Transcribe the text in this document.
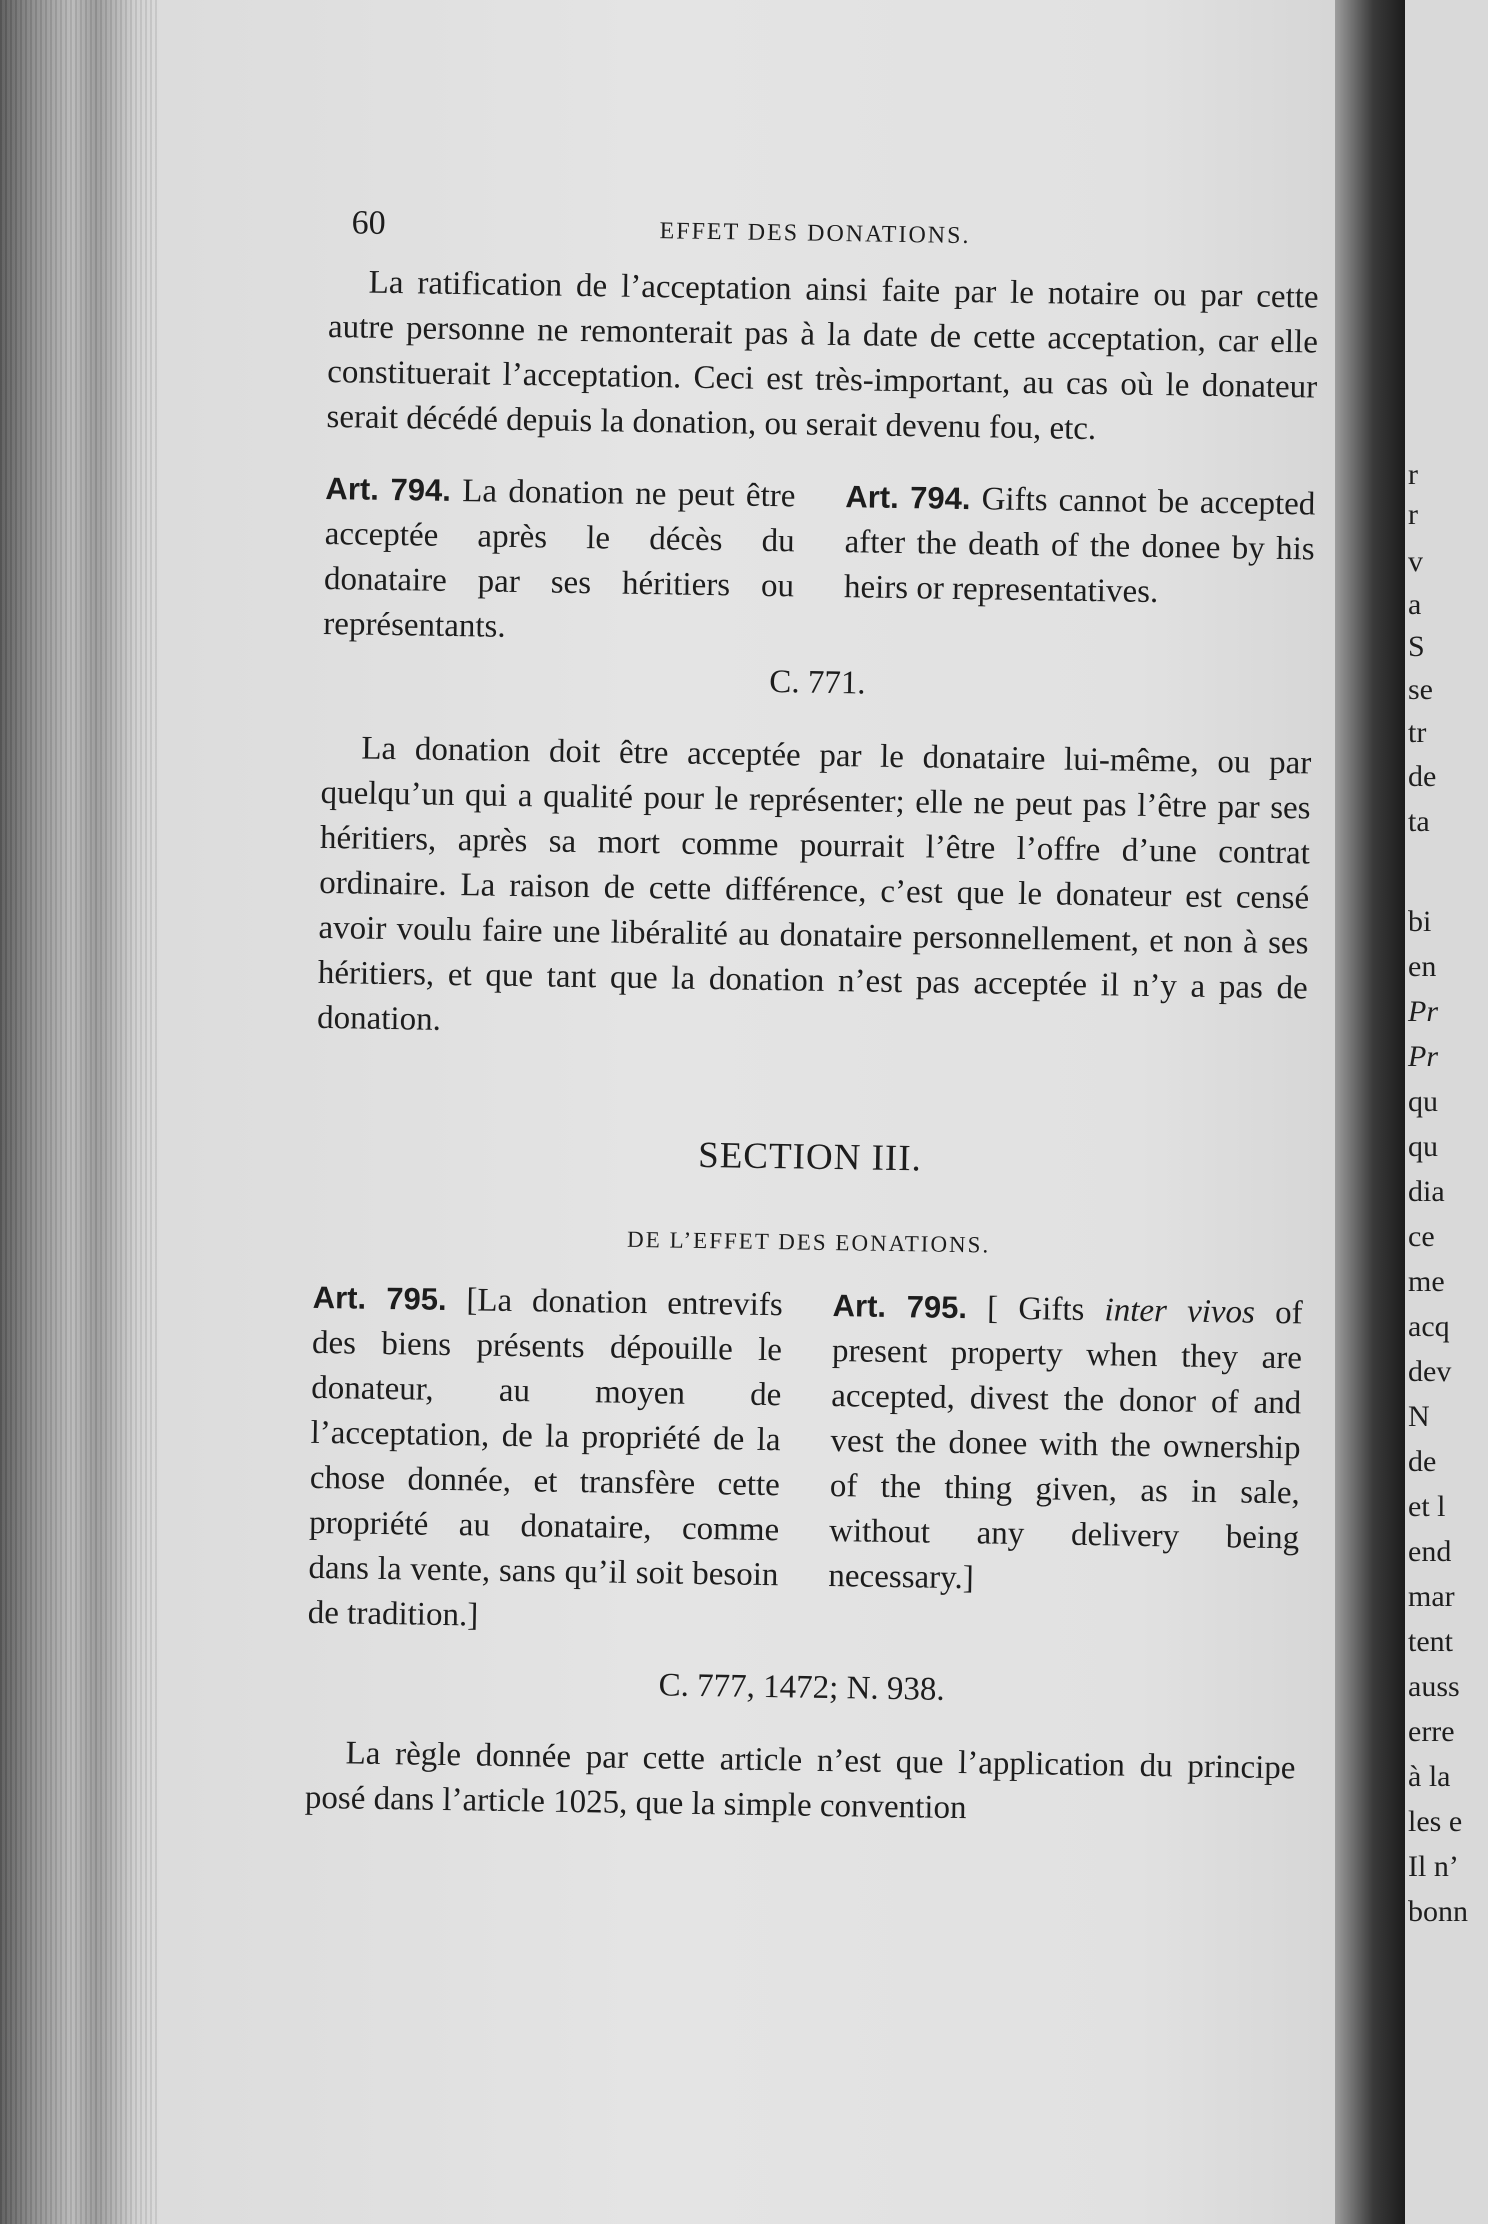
r
r
v
a
S
se
tr
de
ta
bi
en
Pr
Pr
qu
qu
dia
ce
me
acq
dev
N
de
et l
end
mar
tent
auss
erre
à la
les e
Il n’
bonn
60	EFFET DES DONATIONS.

La ratification de l’acceptation ainsi faite par le notaire ou par cette autre personne ne remonterait pas à la date de cette acceptation, car elle constituerait l’acceptation. Ceci est très-important, au cas où le donateur serait décédé depuis la donation, ou serait devenu fou, etc.

Art. 794. La donation ne peut être acceptée après le décès du donataire par ses héritiers ou représentants.
Art. 794. Gifts cannot be accepted after the death of the donee by his heirs or representatives.
C. 771.

La donation doit être acceptée par le donataire lui-même, ou par quelqu’un qui a qualité pour le représenter; elle ne peut pas l’être par ses héritiers, après sa mort comme pourrait l’être l’offre d’une contrat ordinaire. La raison de cette différence, c’est que le donateur est censé avoir voulu faire une libéralité au donataire personnellement, et non à ses héritiers, et que tant que la donation n’est pas acceptée il n’y a pas de donation.

SECTION III.
DE L’EFFET DES EONATIONS.
Art. 795. [La donation entrevifs des biens présents dépouille le donateur, au moyen de l’acceptation, de la propriété de la chose donnée, et transfère cette propriété au donataire, comme dans la vente, sans qu’il soit besoin de tradition.]
Art. 795. [ Gifts inter vivos of present property when they are accepted, divest the donor of and vest the donee with the ownership of the thing given, as in sale, without any delivery being necessary.]
C. 777, 1472; N. 938.

La règle donnée par cette article n’est que l’application du principe posé dans l’article 1025, que la simple convention
